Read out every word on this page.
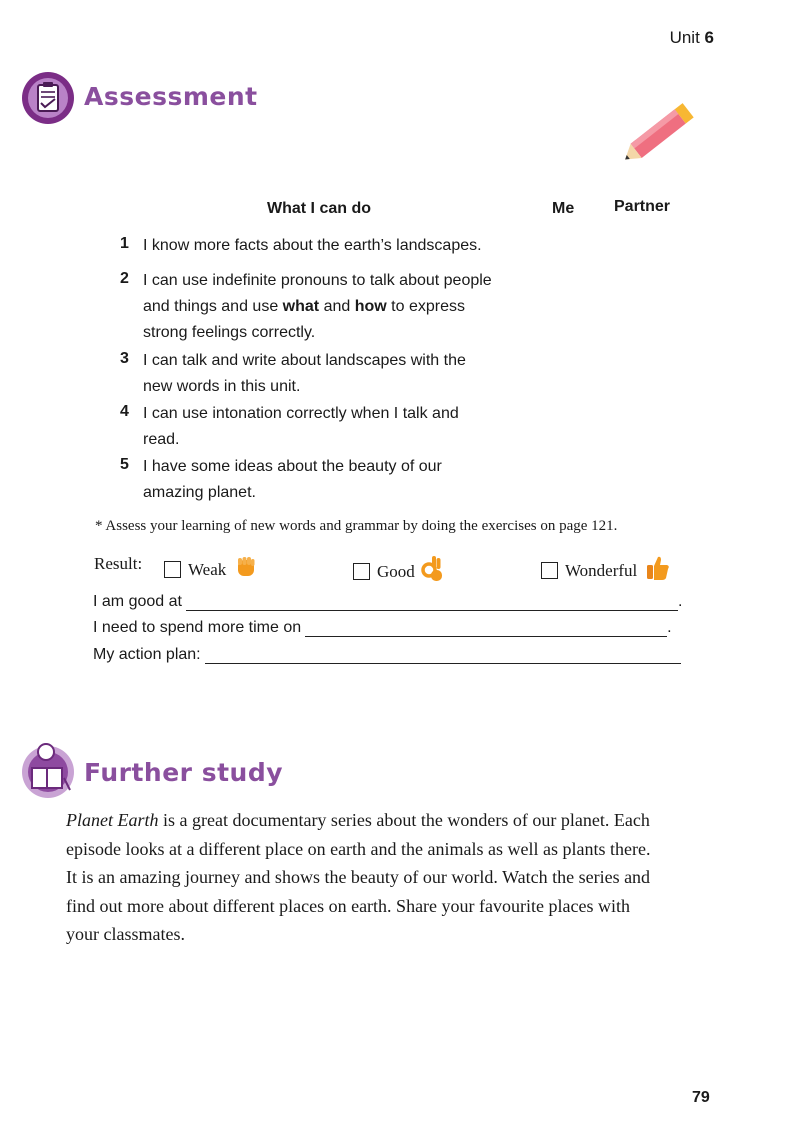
Unit 6
Assessment
What I can do	Me Partner
1 I know more facts about the earth’s landscapes.
2 I can use indefinite pronouns to talk about people
and things and use what and how to express
strong feelings correctly.
3 I can talk and write about landscapes with the
new words in this unit.
4 I can use intonation correctly when I talk and
read.
5 I have some ideas about the beauty of our
amazing planet.
* Assess your learning of new words and grammar by doing the exercises on page 121.
Result:	Weak	Good	Wonderful
I am good at	.
I need to spend more time on	.
My action plan:
Further study
Planet Earth is a great documentary series about the wonders of our planet. Each
episode looks at a different place on earth and the animals as well as plants there.
It is an amazing journey and shows the beauty of our world. Watch the series and
find out more about different places on earth. Share your favourite places with
your classmates.
79
